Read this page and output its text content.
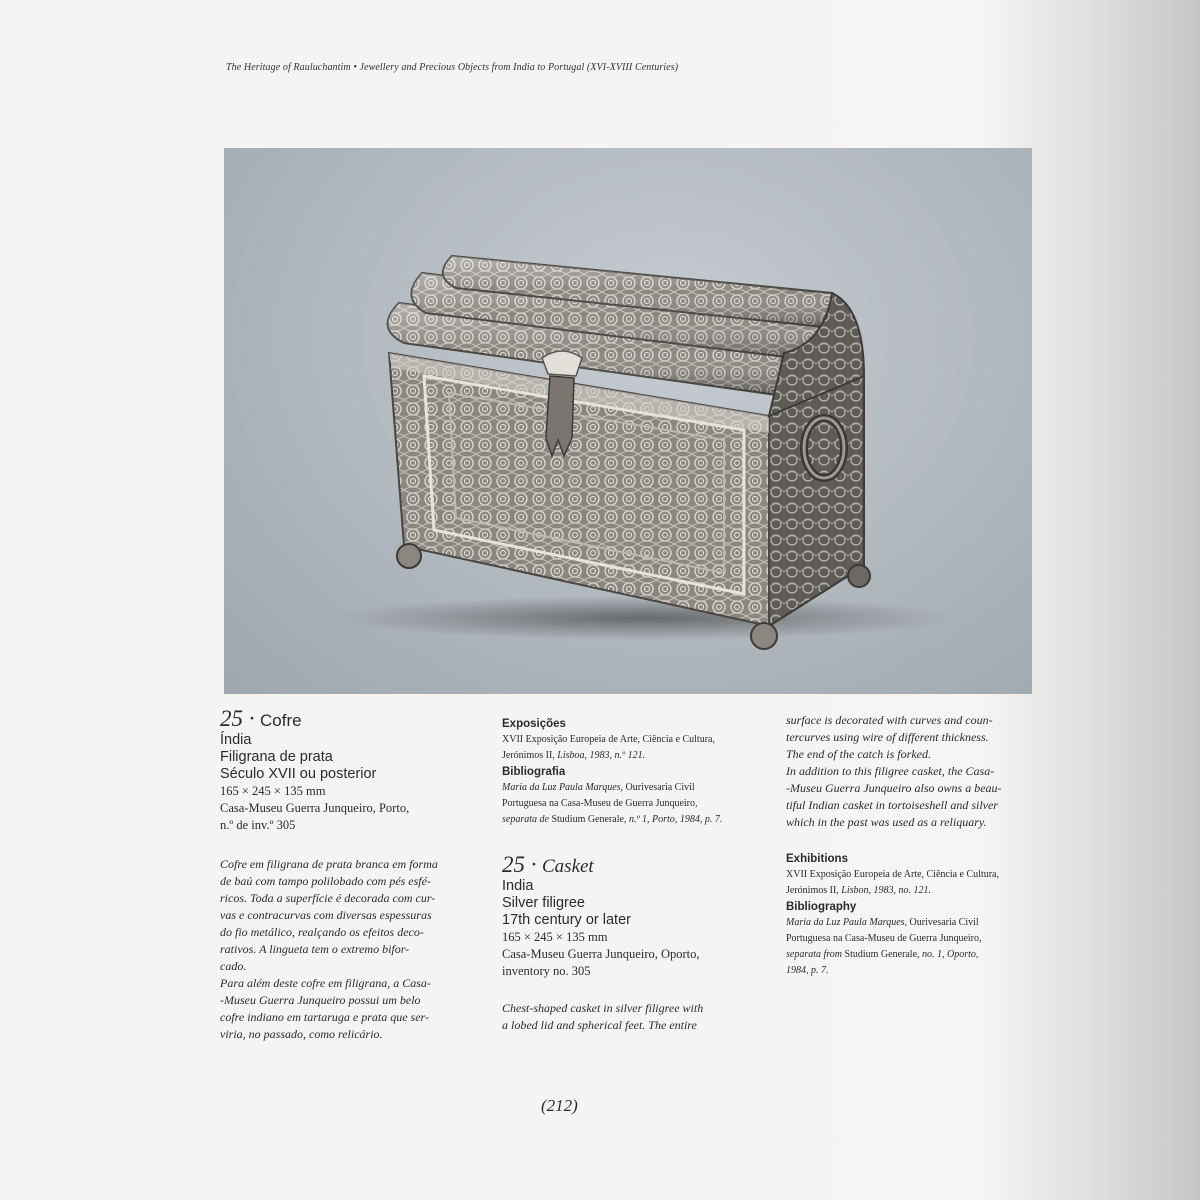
The Heritage of Rauluchantim • Jewellery and Precious Objects from India to Portugal (XVI-XVIII Centuries)
25 · Cofre
Índia
Filigrana de prata
Século XVII ou posterior
165 × 245 × 135 mm
Casa-Museu Guerra Junqueiro, Porto,
n.º de inv.º 305
Cofre em filigrana de prata branca em forma
de baú com tampo polilobado com pés esfé-
ricos. Toda a superfície é decorada com cur-
vas e contracurvas com diversas espessuras
do fio metálico, realçando os efeitos deco-
rativos. A lingueta tem o extremo bifor-
cado.
Para além deste cofre em filigrana, a Casa-
-Museu Guerra Junqueiro possui um belo
cofre indiano em tartaruga e prata que ser-
viria, no passado, como relicário.
Exposições
XVII Exposição Europeia de Arte, Ciência e Cultura,
Jerónimos II, Lisboa, 1983, n.º 121.
Bibliografia
Maria da Luz Paula Marques, Ourivesaria Civil
Portuguesa na Casa-Museu de Guerra Junqueiro,
separata de Studium Generale, n.º 1, Porto, 1984, p. 7.
25 · Casket
India
Silver filigree
17th century or later
165 × 245 × 135 mm
Casa-Museu Guerra Junqueiro, Oporto,
inventory no. 305
Chest-shaped casket in silver filigree with
a lobed lid and spherical feet. The entire
surface is decorated with curves and coun-
tercurves using wire of different thickness.
The end of the catch is forked.
In addition to this filigree casket, the Casa-
-Museu Guerra Junqueiro also owns a beau-
tiful Indian casket in tortoiseshell and silver
which in the past was used as a reliquary.
Exhibitions
XVII Exposição Europeia de Arte, Ciência e Cultura,
Jerónimos II, Lisbon, 1983, no. 121.
Bibliography
Maria da Luz Paula Marques, Ourivesaria Civil
Portuguesa na Casa-Museu de Guerra Junqueiro,
separata from Studium Generale, no. 1, Oporto,
1984, p. 7.
(212)
